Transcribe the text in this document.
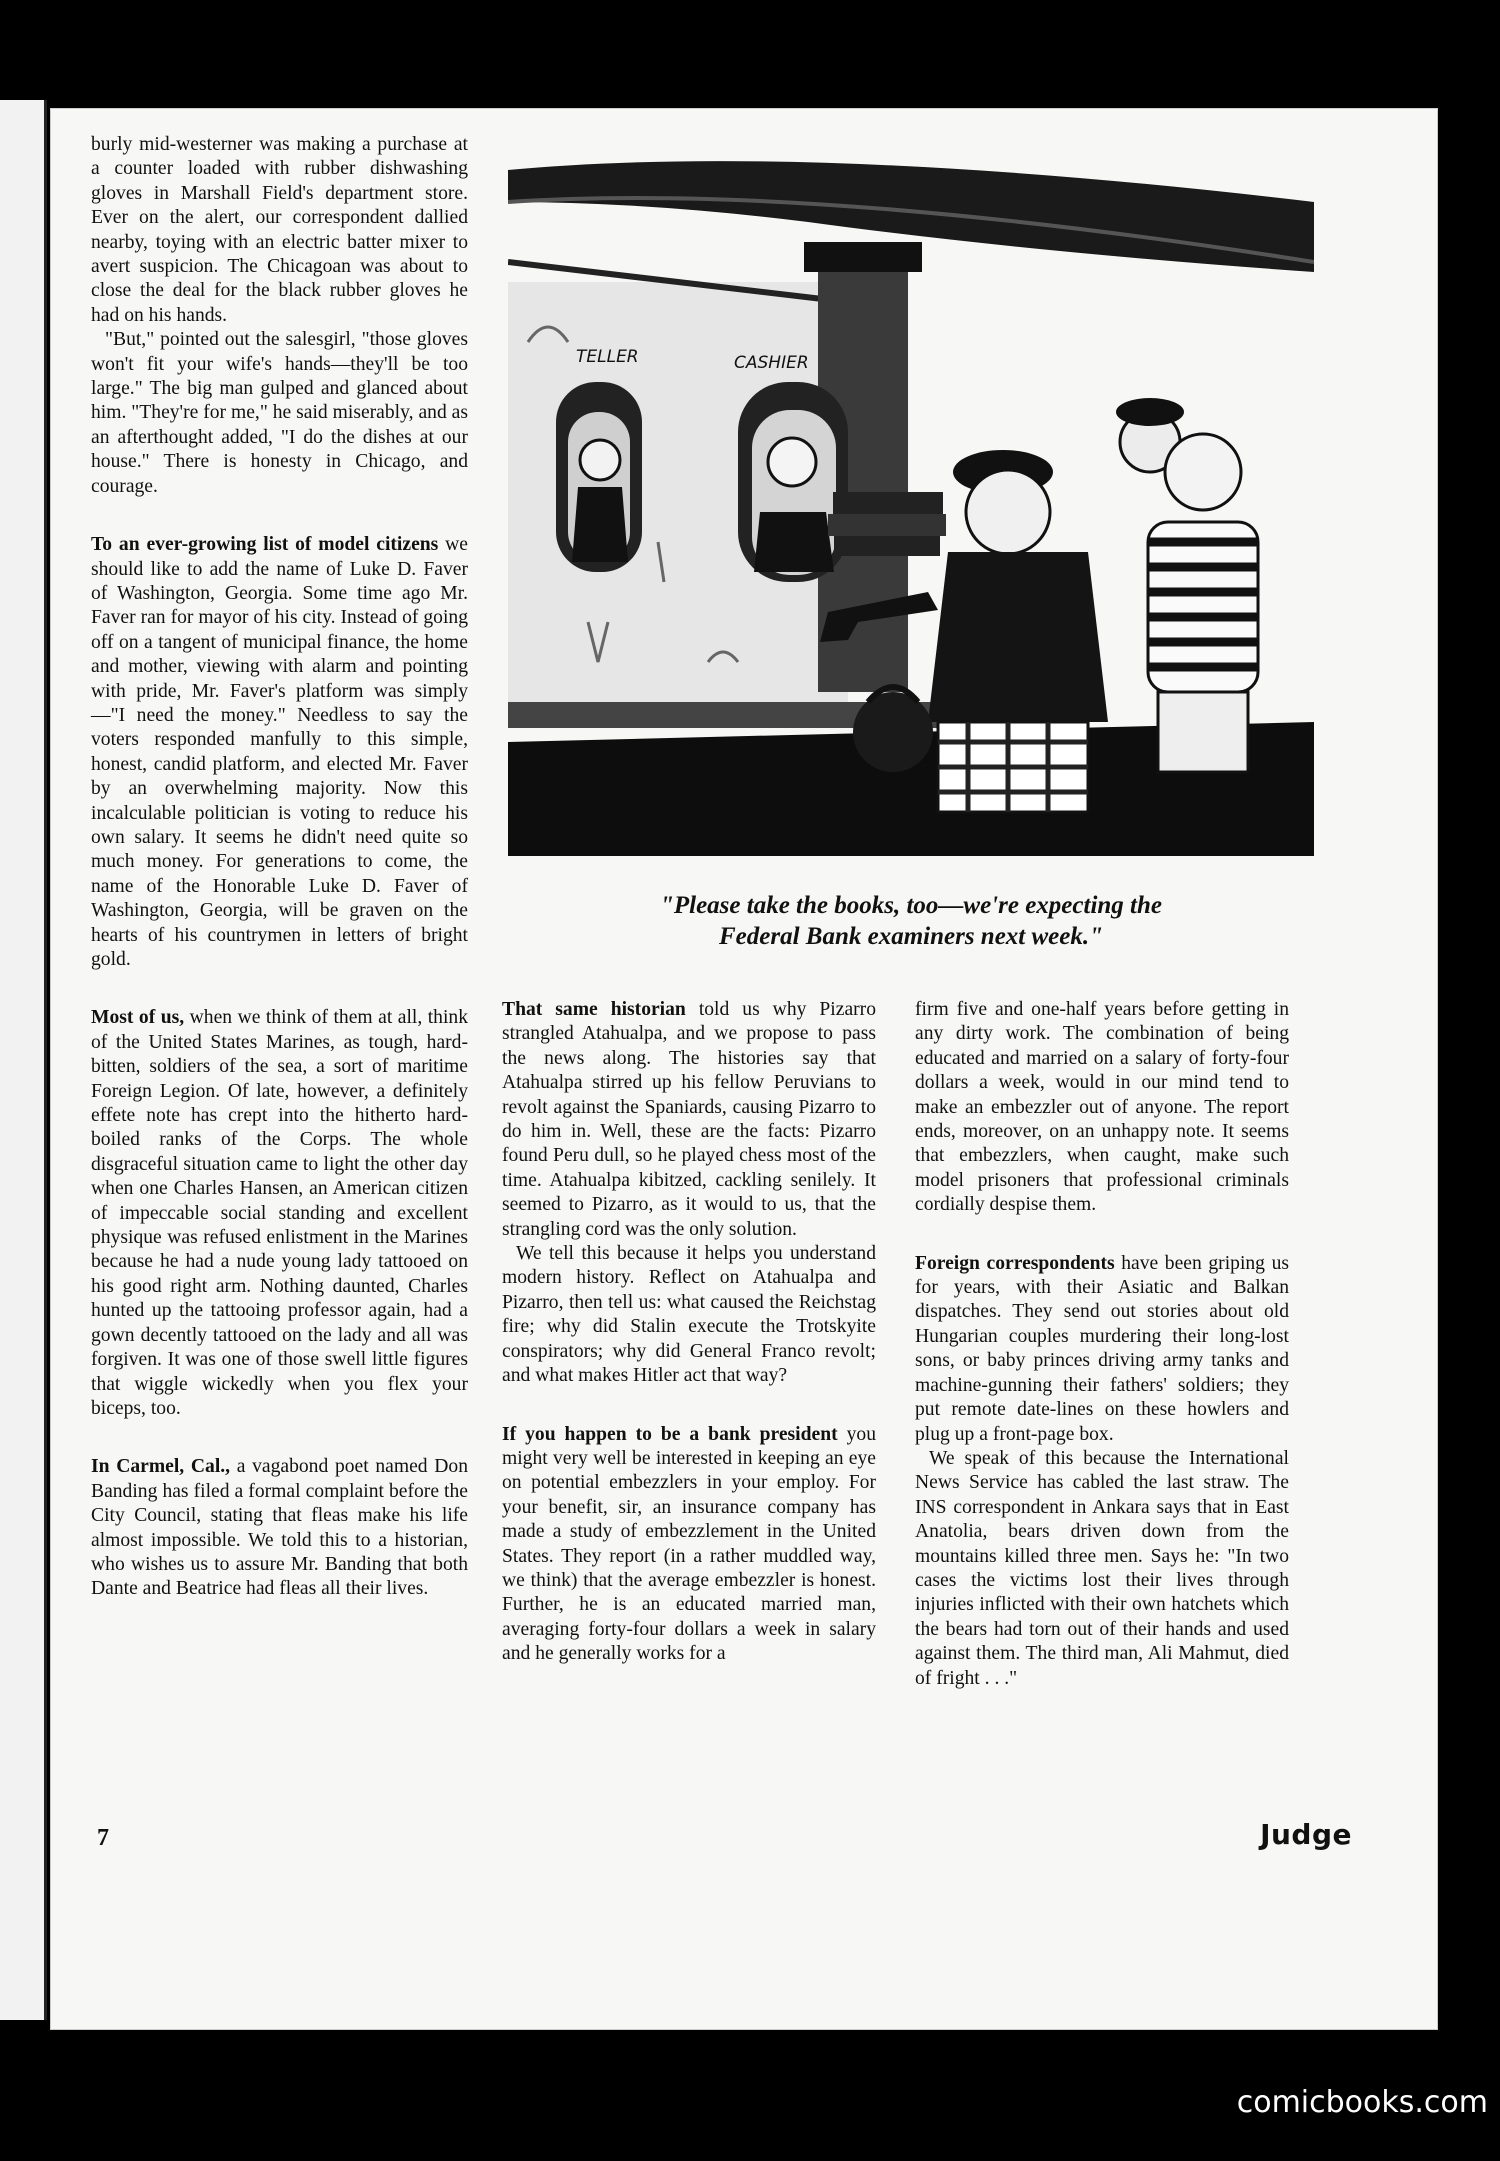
burly mid-westerner was making a purchase at a counter loaded with rubber dishwashing gloves in Marshall Field's department store. Ever on the alert, our correspondent dallied nearby, toying with an electric batter mixer to avert suspicion. The Chicagoan was about to close the deal for the black rubber gloves he had on his hands.

"But," pointed out the salesgirl, "those gloves won't fit your wife's hands—they'll be too large." The big man gulped and glanced about him. "They're for me," he said miserably, and as an afterthought added, "I do the dishes at our house." There is honesty in Chicago, and courage.

To an ever-growing list of model citizens we should like to add the name of Luke D. Faver of Washington, Georgia. Some time ago Mr. Faver ran for mayor of his city. Instead of going off on a tangent of municipal finance, the home and mother, viewing with alarm and pointing with pride, Mr. Faver's platform was simply—"I need the money." Needless to say the voters responded manfully to this simple, honest, candid platform, and elected Mr. Faver by an overwhelming majority. Now this incalculable politician is voting to reduce his own salary. It seems he didn't need quite so much money. For generations to come, the name of the Honorable Luke D. Faver of Washington, Georgia, will be graven on the hearts of his countrymen in letters of bright gold.

Most of us, when we think of them at all, think of the United States Marines, as tough, hard-bitten, soldiers of the sea, a sort of maritime Foreign Legion. Of late, however, a definitely effete note has crept into the hitherto hard-boiled ranks of the Corps. The whole disgraceful situation came to light the other day when one Charles Hansen, an American citizen of impeccable social standing and excellent physique was refused enlistment in the Marines because he had a nude young lady tattooed on his good right arm. Nothing daunted, Charles hunted up the tattooing professor again, had a gown decently tattooed on the lady and all was forgiven. It was one of those swell little figures that wiggle wickedly when you flex your biceps, too.

In Carmel, Cal., a vagabond poet named Don Banding has filed a formal complaint before the City Council, stating that fleas make his life almost impossible. We told this to a historian, who wishes us to assure Mr. Banding that both Dante and Beatrice had fleas all their lives.

TELLER	CASHIER
"Please take the books, too—we're expecting the
Federal Bank examiners next week."

That same historian told us why Pizarro strangled Atahualpa, and we propose to pass the news along. The histories say that Atahualpa stirred up his fellow Peruvians to revolt against the Spaniards, causing Pizarro to do him in. Well, these are the facts: Pizarro found Peru dull, so he played chess most of the time. Atahualpa kibitzed, cackling senilely. It seemed to Pizarro, as it would to us, that the strangling cord was the only solution.

We tell this because it helps you understand modern history. Reflect on Atahualpa and Pizarro, then tell us: what caused the Reichstag fire; why did Stalin execute the Trotskyite conspirators; why did General Franco revolt; and what makes Hitler act that way?

If you happen to be a bank president you might very well be interested in keeping an eye on potential embezzlers in your employ. For your benefit, sir, an insurance company has made a study of embezzlement in the United States. They report (in a rather muddled way, we think) that the average embezzler is honest. Further, he is an educated married man, averaging forty-four dollars a week in salary and he generally works for a

firm five and one-half years before getting in any dirty work. The combination of being educated and married on a salary of forty-four dollars a week, would in our mind tend to make an embezzler out of anyone. The report ends, moreover, on an unhappy note. It seems that embezzlers, when caught, make such model prisoners that professional criminals cordially despise them.

Foreign correspondents have been griping us for years, with their Asiatic and Balkan dispatches. They send out stories about old Hungarian couples murdering their long-lost sons, or baby princes driving army tanks and machine-gunning their fathers' soldiers; they put remote date-lines on these howlers and plug up a front-page box.

We speak of this because the International News Service has cabled the last straw. The INS correspondent in Ankara says that in East Anatolia, bears driven down from the mountains killed three men. Says he: "In two cases the victims lost their lives through injuries inflicted with their own hatchets which the bears had torn out of their hands and used against them. The third man, Ali Mahmut, died of fright . . ."

7	Judge
comicbooks.com
